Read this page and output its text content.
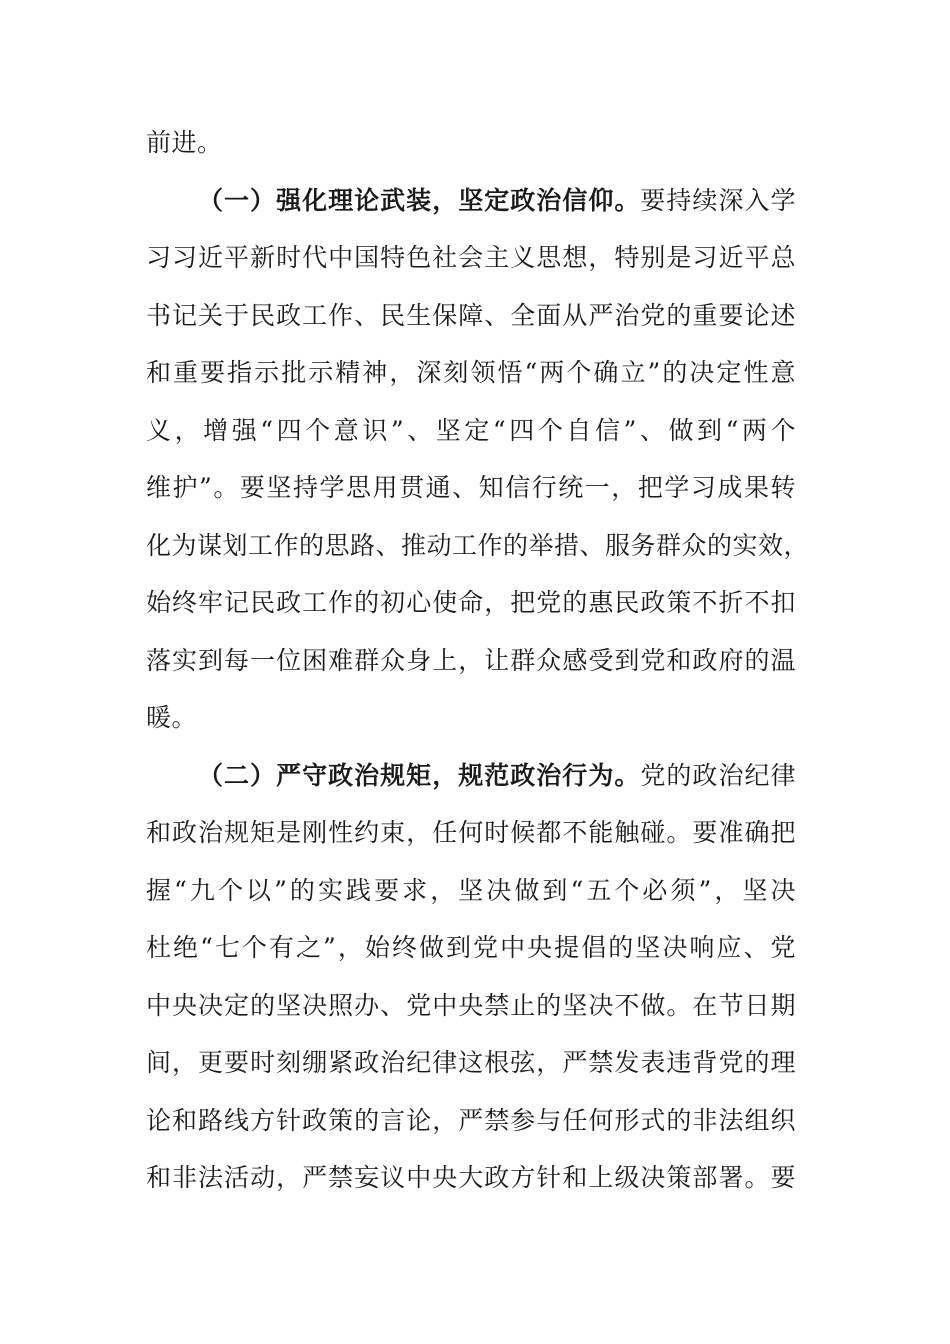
前进。
（一）强化理论武装，坚定政治信仰。要持续深入学
习习近平新时代中国特色社会主义思想，特别是习近平总
书记关于民政工作、民生保障、全面从严治党的重要论述
和重要指示批示精神，深刻领悟“两个确立”的决定性意
义，增强“四个意识”、坚定“四个自信”、做到“两个
维护”。要坚持学思用贯通、知信行统一，把学习成果转
化为谋划工作的思路、推动工作的举措、服务群众的实效，
始终牢记民政工作的初心使命，把党的惠民政策不折不扣
落实到每一位困难群众身上，让群众感受到党和政府的温
暖。
（二）严守政治规矩，规范政治行为。党的政治纪律
和政治规矩是刚性约束，任何时候都不能触碰。要准确把
握“九个以”的实践要求，坚决做到“五个必须”，坚决
杜绝“七个有之”，始终做到党中央提倡的坚决响应、党
中央决定的坚决照办、党中央禁止的坚决不做。在节日期
间，更要时刻绷紧政治纪律这根弦，严禁发表违背党的理
论和路线方针政策的言论，严禁参与任何形式的非法组织
和非法活动，严禁妄议中央大政方针和上级决策部署。要
